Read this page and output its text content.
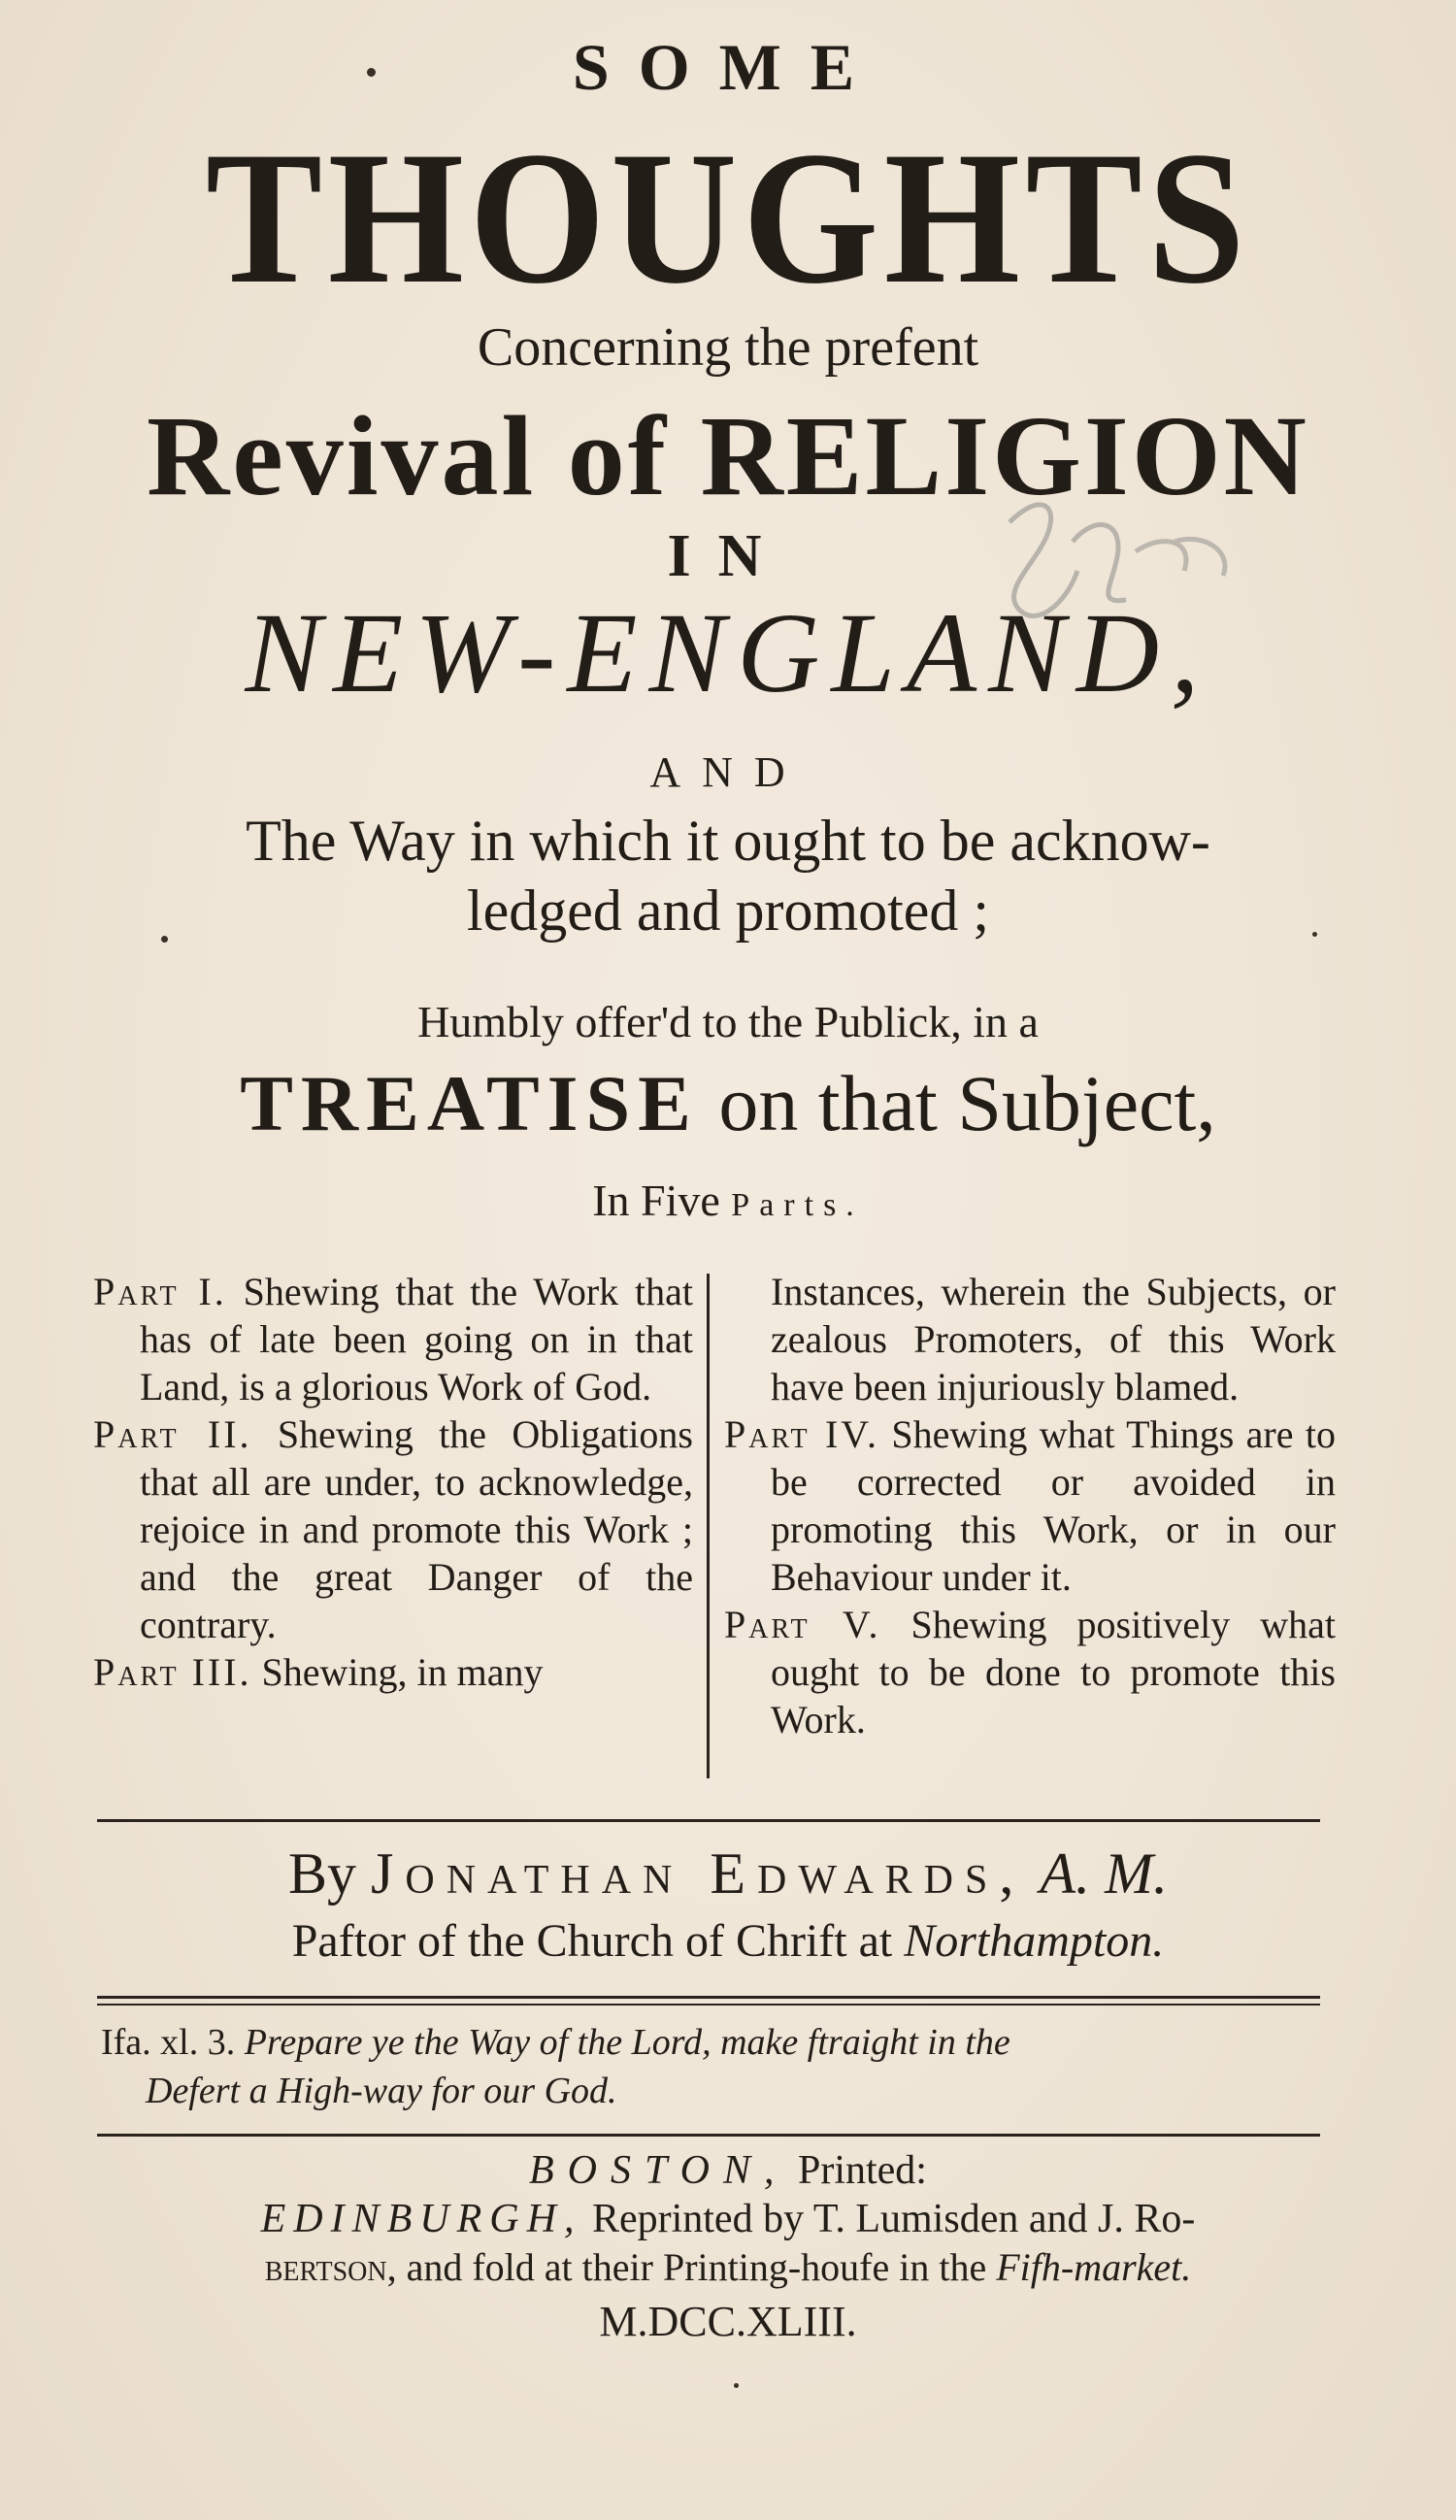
SOME
THOUGHTS
Concerning the prefent
Revival of RELIGION
IN
NEW-ENGLAND,
AND
The Way in which it ought to be acknow-
ledged and promoted ;
Humbly offer'd to the Publick, in a
TREATISE on that Subject,
In Five Parts.

Part I. Shewing that the Work that has of late been going on in that Land, is a glorious Work of God.

Part II. Shewing the Obligations that all are under, to acknowledge, rejoice in and promote this Work ; and the great Danger of the contrary.

Part III. Shewing, in many

Instances, wherein the Subjects, or zealous Promoters, of this Work have been injuriously blamed.

Part IV. Shewing what Things are to be corrected or avoided in promoting this Work, or in our Behaviour under it.

Part V. Shewing positively what ought to be done to promote this Work.

By Jonathan Edwards, A. M.
Paftor of the Church of Chrift at Northampton.
Ifa. xl. 3. Prepare ye the Way of the Lord, make ftraight in the
Defert a High-way for our God.
BOSTON, Printed:
EDINBURGH, Reprinted by T. Lumisden and J. Ro-
bertson, and fold at their Printing-houfe in the Fifh-market.
M.DCC.XLIII.
